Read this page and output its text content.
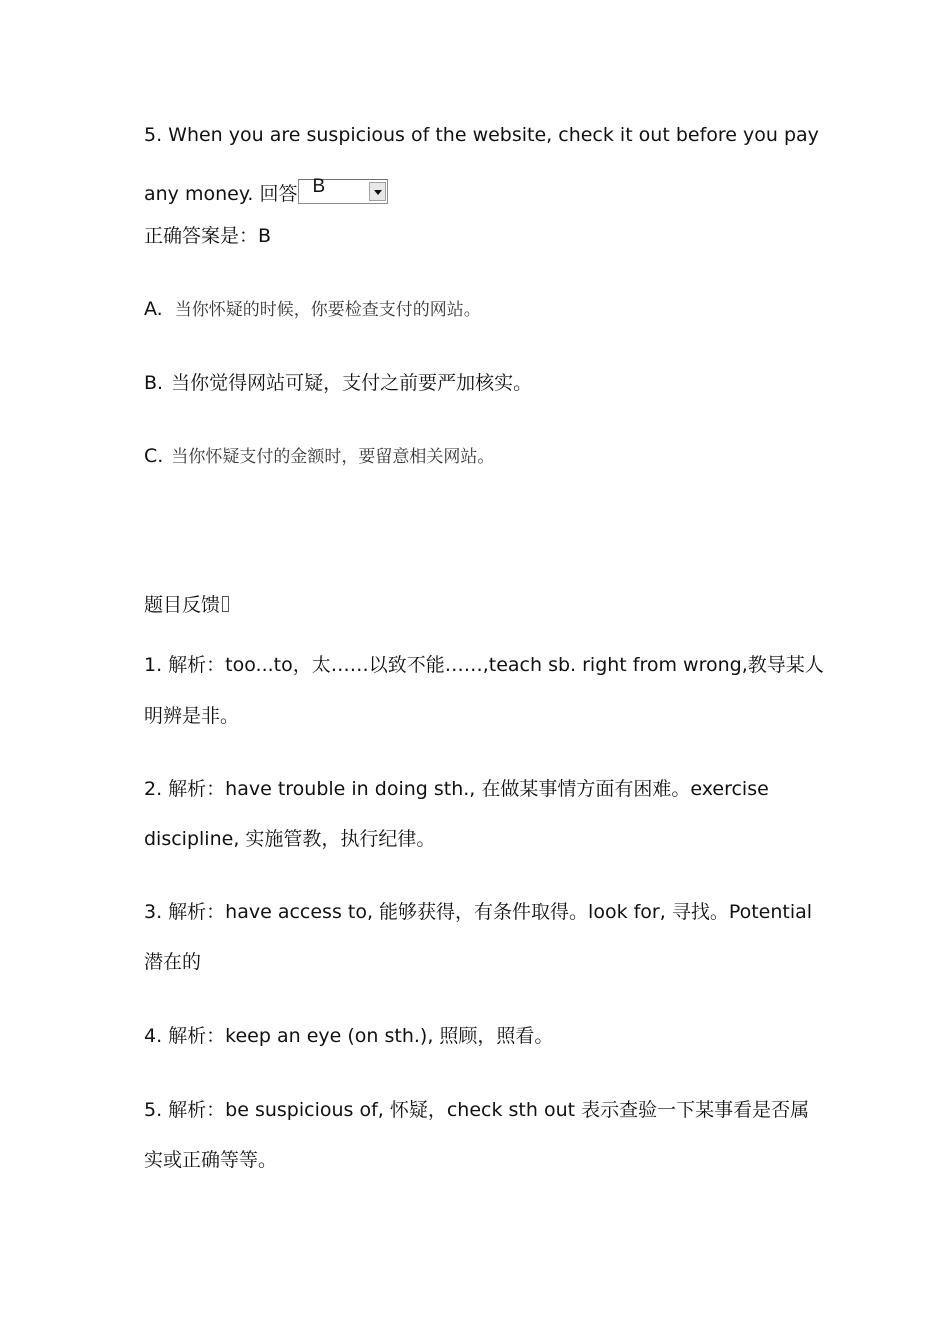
5. When you are suspicious of the website, check it out before you pay
any money. 回答 B
正确答案是：B
A. 当你怀疑的时候，你要检查支付的网站。
B. 当你觉得网站可疑，支付之前要严加核实。
C. 当你怀疑支付的金额时，要留意相关网站。
题目反馈
1. 解析：too...to，太……以致不能……,teach sb. right from wrong,教导某人
明辨是非。
2. 解析：have trouble in doing sth., 在做某事情方面有困难。exercise
discipline, 实施管教，执行纪律。
3. 解析：have access to, 能够获得，有条件取得。look for, 寻找。Potential
潜在的
4. 解析：keep an eye (on sth.), 照顾，照看。
5. 解析：be suspicious of, 怀疑，check sth out 表示查验一下某事看是否属
实或正确等等。
